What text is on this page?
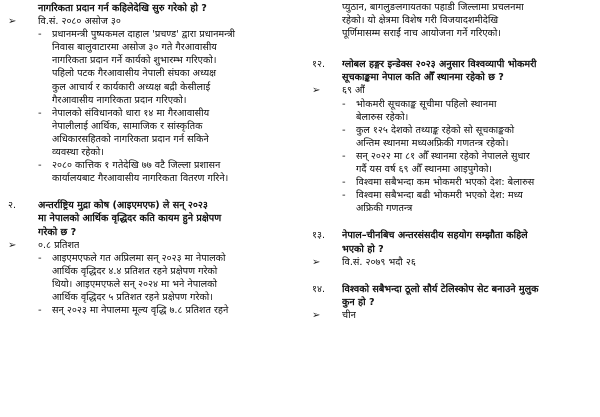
नागरिकता प्रदान गर्न कहिलेदेखि सुरु गरेको हो ?
➢	वि.सं. २०८० असोज ३०
-	प्रधानमन्त्री पुष्पकमल दाहाल 'प्रचण्ड' द्वारा प्रधानमन्त्री
निवास बालुवाटारमा असोज ३० गते गैरआवासीय
नागरिकता प्रदान गर्ने कार्यको शुभारम्भ गरिएको।
पहिलो पटक गैरआवासीय नेपाली संघका अध्यक्ष
कुल आचार्य र कार्यकारी अध्यक्ष बद्री केसीलाई
गैरआवासीय नागरिकता प्रदान गरिएको।
-	नेपालको संविधानको धारा १४ मा गैरआवासीय
नेपालीलाई आर्थिक, सामाजिक र सांस्कृतिक
अधिकारसहितको नागरिकता प्रदान गर्न सकिने
व्यवस्था रहेको।
-	२०८० कात्तिक १ गतेदेखि ७७ वटै जिल्ला प्रशासन
कार्यालयबाट गैरआवासीय नागरिकता वितरण गरिने।
२.	अन्तर्राष्ट्रिय मुद्रा कोष (आइएमएफ) ले सन् २०२३
मा नेपालको आर्थिक वृद्धिदर कति कायम हुने प्रक्षेपण
गरेको छ ?
➢	०.८ प्रतिशत
-	आइएमएफले गत अप्रिलमा सन् २०२३ मा नेपालको
आर्थिक वृद्धिदर ४.४ प्रतिशत रहने प्रक्षेपण गरेको
थियो। आइएमएफले सन् २०२४ मा भने नेपालको
आर्थिक वृद्धिदर ५ प्रतिशत रहने प्रक्षेपण गरेको।
-	सन् २०२३ मा नेपालमा मूल्य वृद्धि ७.८ प्रतिशत रहने
प्युठान, बागलुङलगायतका पहाडी जिल्लामा प्रचलनमा
रहेको। यो क्षेत्रमा विशेष गरी विजयादशमीदेखि
पूर्णिमासम्म सराईं नाच आयोजना गर्ने गरिएको।
१२.	ग्लोबल हङ्गर इन्डेक्स २०२३ अनुसार विश्वव्यापी भोकमरी
सूचकाङ्कमा नेपाल कति औँ स्थानमा रहेको छ ?
➢	६९ औँ
-	भोकमरी सूचकाङ्क सूचीमा पहिलो स्थानमा
बेलारुस रहेको।
-	कुल १२५ देशको तथ्याङ्क रहेको सो सूचकाङ्कको
अन्तिम स्थानमा मध्यअफ्रिकी गणतन्त्र रहेको।
-	सन् २०२२ मा ८१ औँ स्थानमा रहेको नेपालले सुधार
गर्दै यस वर्ष ६९ औँ स्थानमा आइपुगेको।
-	विश्वमा सबैभन्दा कम भोकमरी भएको देश: बेलारुस
-	विश्वमा सबैभन्दा बढी भोकमरी भएको देश: मध्य
अफ्रिकी गणतन्त्र
१३.	नेपाल–चीनबिच अन्तरसंसदीय सहयोग सम्झौता कहिले
भएको हो ?
➢	वि.सं. २०७९ भदौ २६
१४.	विश्वको सबैभन्दा ठूलो सौर्य टेलिस्कोप सेट बनाउने मुलुक
कुन हो ?
➢	चीन
